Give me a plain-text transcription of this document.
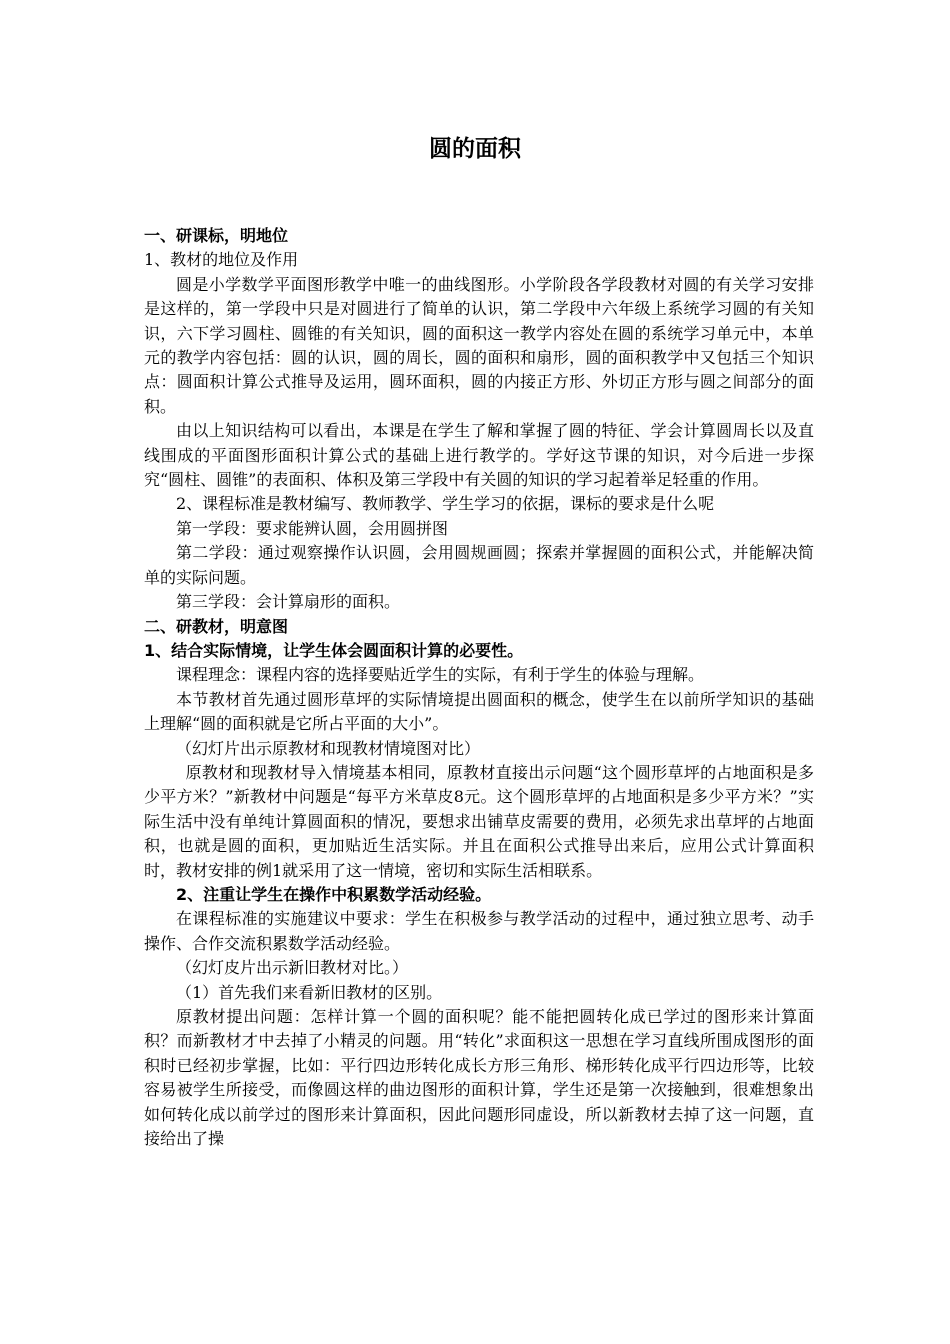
圆的面积

一、研课标，明地位

1、教材的地位及作用

圆是小学数学平面图形教学中唯一的曲线图形。小学阶段各学段教材对圆的有关学习安排是这样的，第一学段中只是对圆进行了简单的认识，第二学段中六年级上系统学习圆的有关知识，六下学习圆柱、圆锥的有关知识，圆的面积这一教学内容处在圆的系统学习单元中，本单元的教学内容包括：圆的认识，圆的周长，圆的面积和扇形，圆的面积教学中又包括三个知识点：圆面积计算公式推导及运用，圆环面积，圆的内接正方形、外切正方形与圆之间部分的面积。

由以上知识结构可以看出，本课是在学生了解和掌握了圆的特征、学会计算圆周长以及直线围成的平面图形面积计算公式的基础上进行教学的。学好这节课的知识，对今后进一步探究“圆柱、圆锥”的表面积、体积及第三学段中有关圆的知识的学习起着举足轻重的作用。

2、课程标准是教材编写、教师教学、学生学习的依据，课标的要求是什么呢

第一学段：要求能辨认圆，会用圆拼图

第二学段：通过观察操作认识圆，会用圆规画圆；探索并掌握圆的面积公式，并能解决简单的实际问题。

第三学段：会计算扇形的面积。

二、研教材，明意图

1、结合实际情境，让学生体会圆面积计算的必要性。

课程理念：课程内容的选择要贴近学生的实际，有利于学生的体验与理解。

本节教材首先通过圆形草坪的实际情境提出圆面积的概念，使学生在以前所学知识的基础上理解“圆的面积就是它所占平面的大小”。

（幻灯片出示原教材和现教材情境图对比）

原教材和现教材导入情境基本相同，原教材直接出示问题“这个圆形草坪的占地面积是多少平方米？”新教材中问题是“每平方米草皮8元。这个圆形草坪的占地面积是多少平方米？”实际生活中没有单纯计算圆面积的情况，要想求出铺草皮需要的费用，必须先求出草坪的占地面积，也就是圆的面积，更加贴近生活实际。并且在面积公式推导出来后，应用公式计算面积时，教材安排的例1就采用了这一情境，密切和实际生活相联系。

2、注重让学生在操作中积累数学活动经验。

在课程标准的实施建议中要求：学生在积极参与教学活动的过程中，通过独立思考、动手操作、合作交流积累数学活动经验。

（幻灯皮片出示新旧教材对比。）

（1）首先我们来看新旧教材的区别。

原教材提出问题：怎样计算一个圆的面积呢？能不能把圆转化成已学过的图形来计算面积？而新教材才中去掉了小精灵的问题。用“转化”求面积这一思想在学习直线所围成图形的面积时已经初步掌握，比如：平行四边形转化成长方形三角形、梯形转化成平行四边形等，比较容易被学生所接受，而像圆这样的曲边图形的面积计算，学生还是第一次接触到，很难想象出如何转化成以前学过的图形来计算面积，因此问题形同虚设，所以新教材去掉了这一问题，直接给出了操
